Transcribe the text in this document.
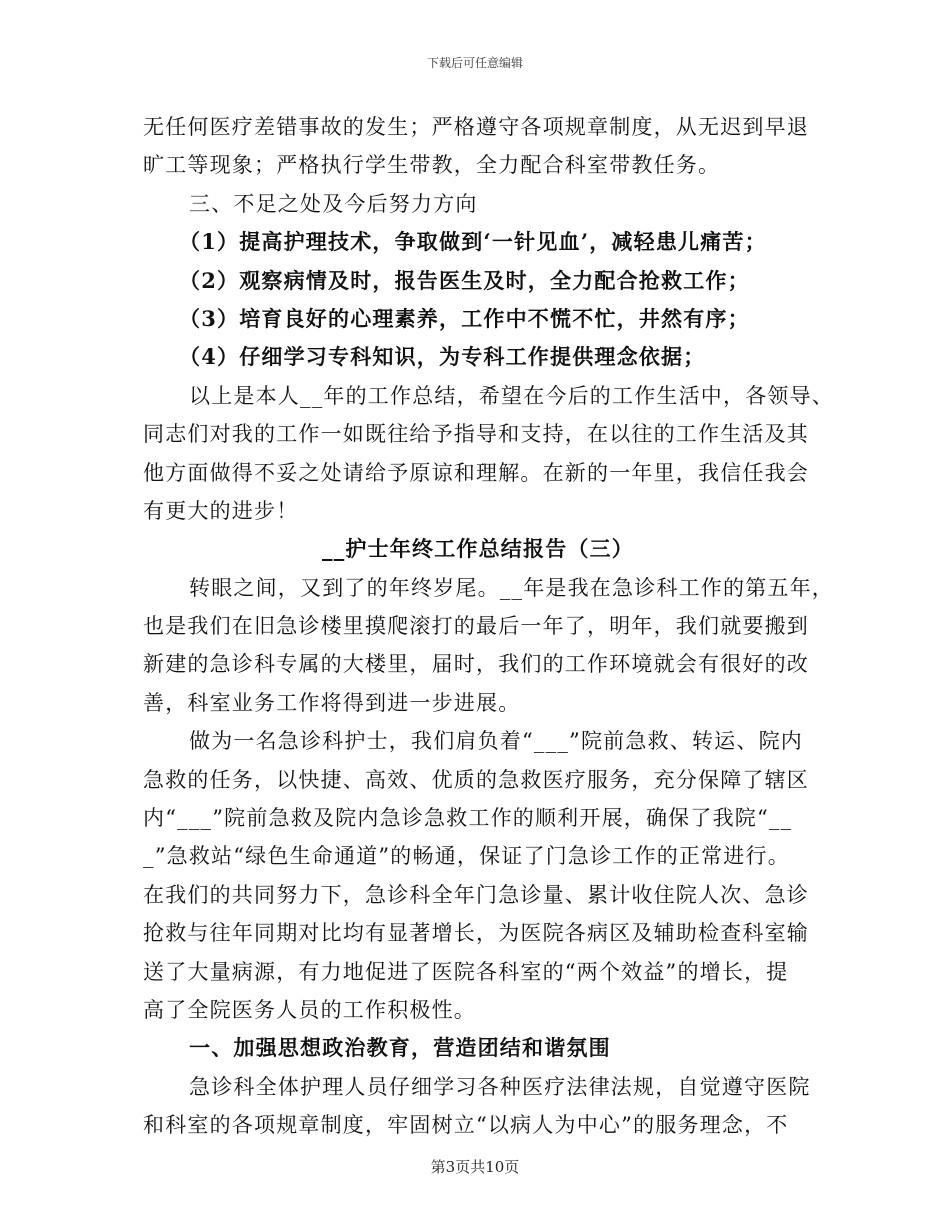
下载后可任意编辑
无任何医疗差错事故的发生；严格遵守各项规章制度，从无迟到早退
旷工等现象；严格执行学生带教，全力配合科室带教任务。
三、不足之处及今后努力方向
（1）提高护理技术，争取做到‘一针见血’，减轻患儿痛苦；
（2）观察病情及时，报告医生及时，全力配合抢救工作；
（3）培育良好的心理素养，工作中不慌不忙，井然有序；
（4）仔细学习专科知识，为专科工作提供理念依据；
以上是本人__年的工作总结，希望在今后的工作生活中，各领导、
同志们对我的工作一如既往给予指导和支持，在以往的工作生活及其
他方面做得不妥之处请给予原谅和理解。在新的一年里，我信任我会
有更大的进步！
__护士年终工作总结报告（三）
转眼之间，又到了的年终岁尾。__年是我在急诊科工作的第五年，
也是我们在旧急诊楼里摸爬滚打的最后一年了，明年，我们就要搬到
新建的急诊科专属的大楼里，届时，我们的工作环境就会有很好的改
善，科室业务工作将得到进一步进展。
做为一名急诊科护士，我们肩负着“___”院前急救、转运、院内
急救的任务，以快捷、高效、优质的急救医疗服务，充分保障了辖区
内“___”院前急救及院内急诊急救工作的顺利开展，确保了我院“__
_”急救站“绿色生命通道”的畅通，保证了门急诊工作的正常进行。
在我们的共同努力下，急诊科全年门急诊量、累计收住院人次、急诊
抢救与往年同期对比均有显著增长，为医院各病区及辅助检查科室输
送了大量病源，有力地促进了医院各科室的“两个效益”的增长，提
高了全院医务人员的工作积极性。
一、加强思想政治教育，营造团结和谐氛围
急诊科全体护理人员仔细学习各种医疗法律法规，自觉遵守医院
和科室的各项规章制度，牢固树立“以病人为中心”的服务理念，不
第3页共10页
